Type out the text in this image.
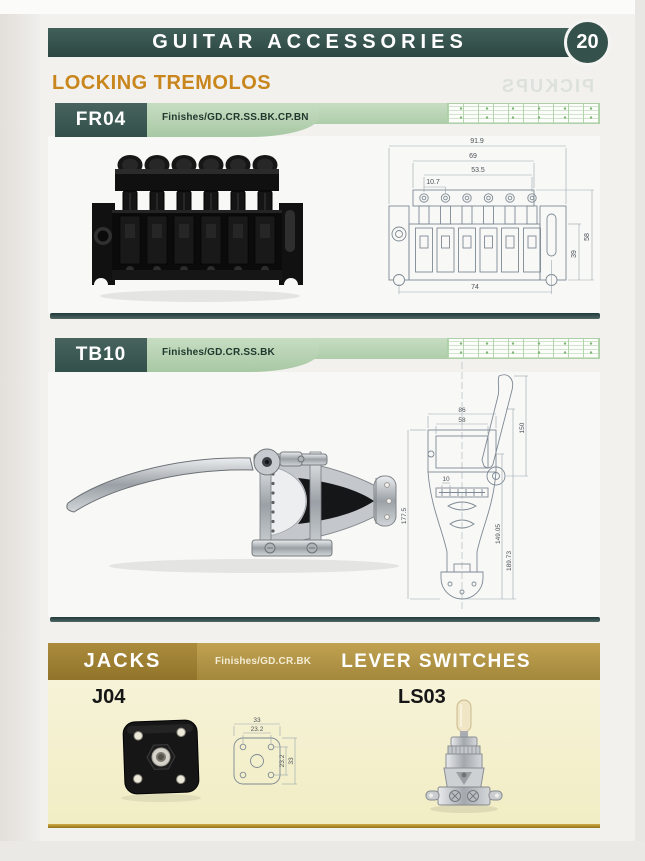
GUITAR ACCESSORIES	20
PICKUPS
LOCKING TREMOLOS
FR04	Finishes/GD.CR.SS.BK.CP.BN
91.9
69
53.5
10.7
74
39
58
TB10	Finishes/GD.CR.SS.BK
86
58
150
10
177.5
149.05
189.73
JACKS	Finishes/GD.CR.BK LEVER SWITCHES
J04	LS03
33
23.2
23.2 33
